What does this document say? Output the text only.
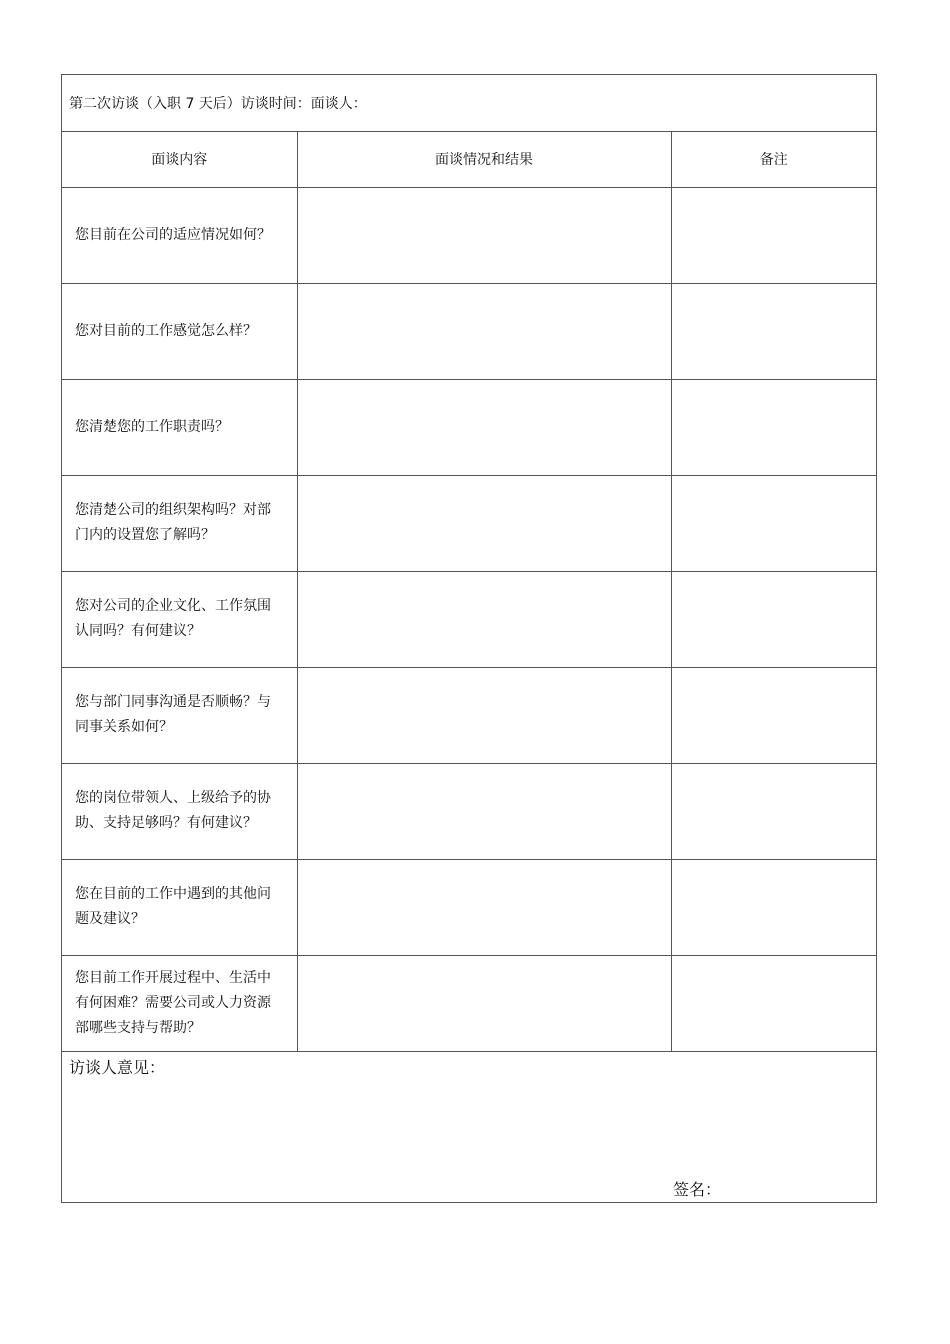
第二次访谈（入职 7 天后）访谈时间：面谈人：
面谈内容	面谈情况和结果	备注
您目前在公司的适应情况如何？		
您对目前的工作感觉怎么样？		
您清楚您的工作职责吗？		
您清楚公司的组织架构吗？对部门内的设置您了解吗？		
您对公司的企业文化、工作氛围认同吗？有何建议？		
您与部门同事沟通是否顺畅？与同事关系如何？		
您的岗位带领人、上级给予的协助、支持足够吗？有何建议？		
您在目前的工作中遇到的其他问题及建议？		
您目前工作开展过程中、生活中有何困难？需要公司或人力资源部哪些支持与帮助？		
访谈人意见：
签名：
